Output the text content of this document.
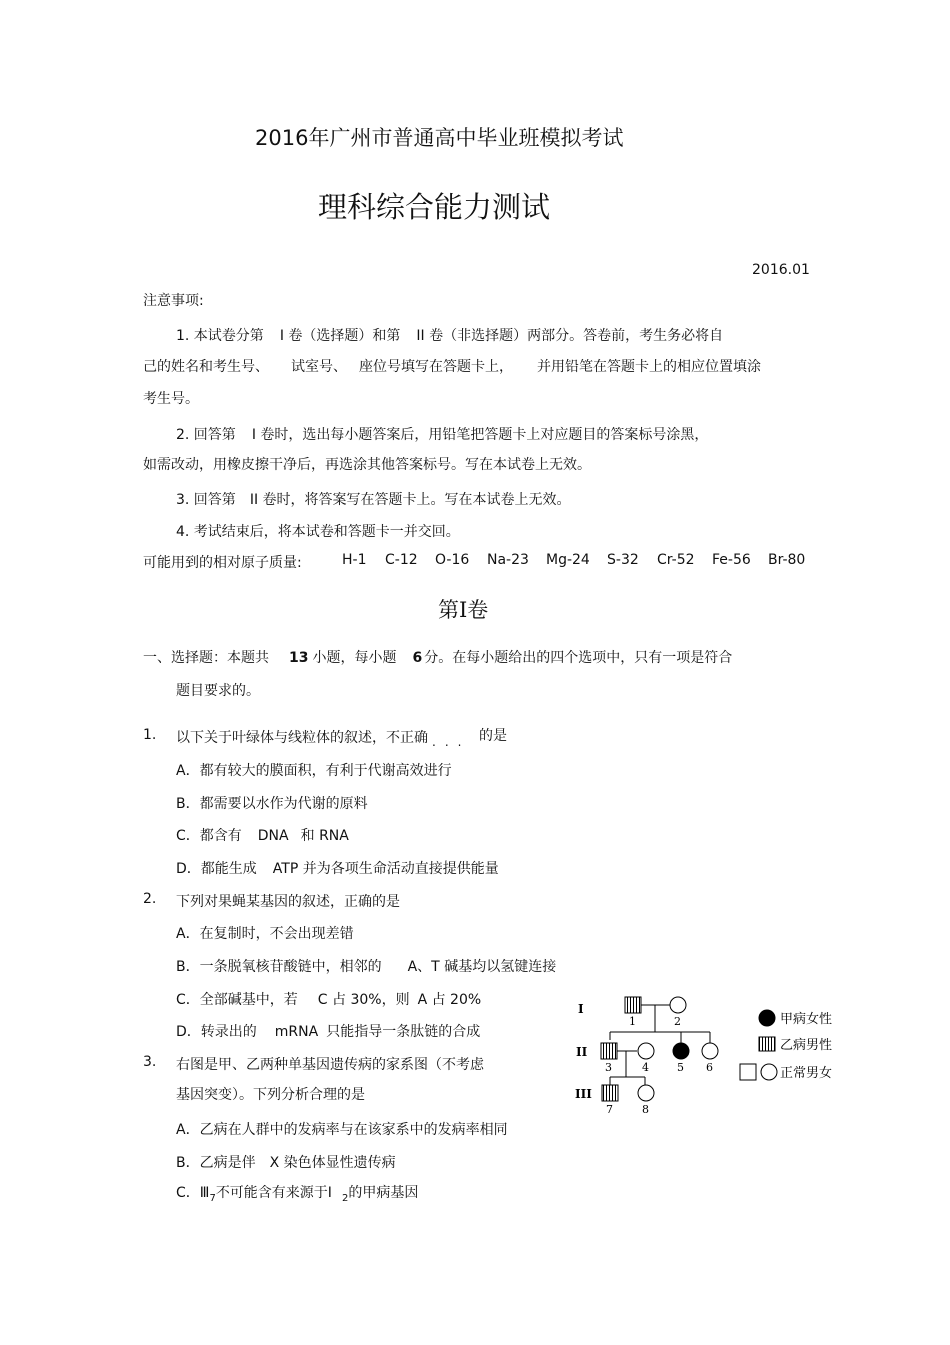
2016年广州市普通高中毕业班模拟考试
理科综合能力测试
2016.01
注意事项:
1. 本试卷分第 I 卷（选择题）和第 II 卷（非选择题）两部分。答卷前，考生务必将自
己的姓名和考生号、 试室号、 座位号填写在答题卡上， 并用铅笔在答题卡上的相应位置填涂
考生号。
2. 回答第 I 卷时，选出每小题答案后，用铅笔把答题卡上对应题目的答案标号涂黑，
如需改动，用橡皮擦干净后，再选涂其他答案标号。写在本试卷上无效。
3. 回答第 II 卷时，将答案写在答题卡上。写在本试卷上无效。
4. 考试结束后，将本试卷和答题卡一并交回。
可能用到的相对原子质量:	H-1 C-12 O-16 Na-23 Mg-24 S-32 Cr-52 Fe-56 Br-80
第Ⅰ卷
一、选择题：本题共 13 小题，每小题 6 分。在每小题给出的四个选项中，只有一项是符合
题目要求的。
1. 以下关于叶绿体与线粒体的叙述，不正确 ... 的是
A．都有较大的膜面积，有利于代谢高效进行
B．都需要以水作为代谢的原料
C．都含有 DNA 和 RNA
D．都能生成 ATP 并为各项生命活动直接提供能量
2. 下列对果蝇某基因的叙述，正确的是
A．在复制时，不会出现差错
B．一条脱氧核苷酸链中，相邻的 A、T 碱基均以氢键连接
C．全部碱基中，若 C 占 30%，则 A 占 20%
D．转录出的 mRNA 只能指导一条肽链的合成
3. 右图是甲、乙两种单基因遗传病的家系图（不考虑
基因突变）。下列分析合理的是
A．乙病在人群中的发病率与在该家系中的发病率相同
B．乙病是伴 X 染色体显性遗传病
C．$Ⅲ_7$不可能含有来源于Ⅰ $_2$的甲病基因
I
II
III
1	2
3	4	5 6
7	8
甲病女性
乙病男性
正常男女
